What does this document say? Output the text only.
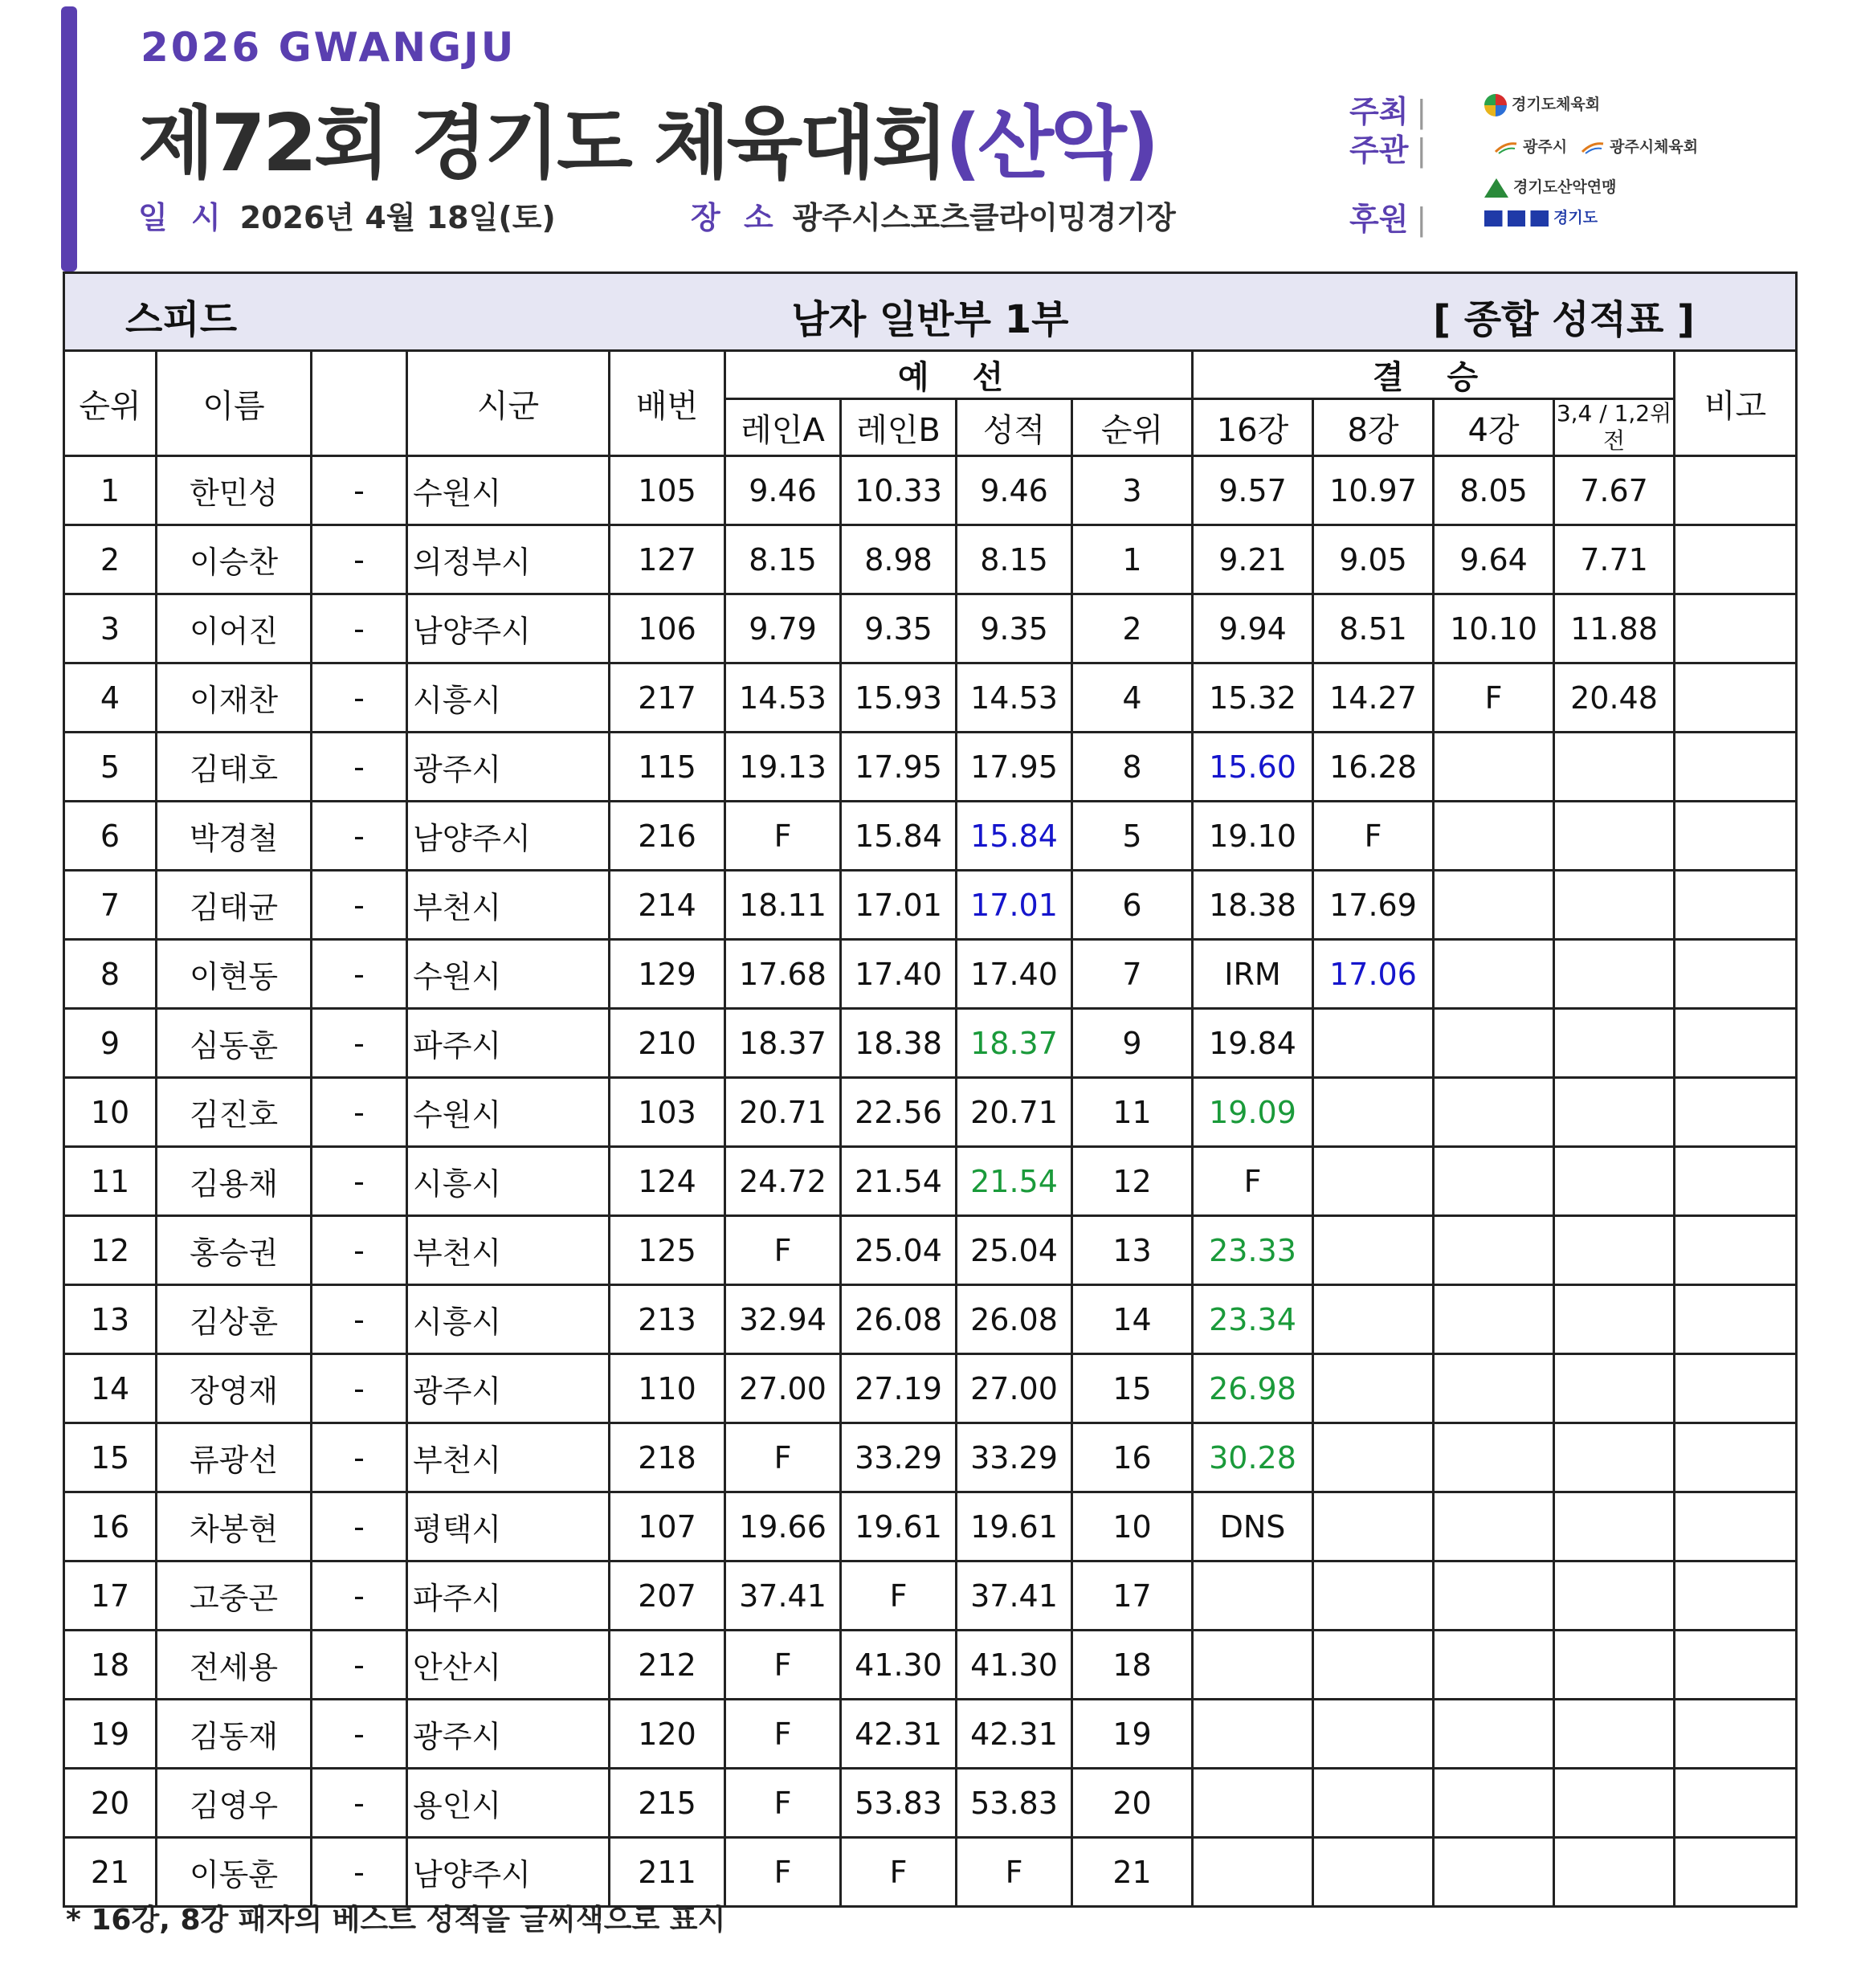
2026 GWANGJU
제72회 경기도 체육대회(산악)
일 시 2026년 4월 18일(토)	장 소 광주시스포츠클라이밍경기장
주최 |
주관 |
후원 |
경기도체육회
광주시	광주시체육회
경기도산악연맹
경기도
스피드 남자 일반부 1부 [ 종합 성적표 ]													

순위	이름		시군	배번	예 선				결 승				비고
					레인A	레인B	성적	순위	16강	8강	4강	3,4 / 1,2위전	
1	한민성	-	수원시	105	9.46	10.33	9.46	3	9.57	10.97	8.05	7.67	
2	이승찬	-	의정부시	127	8.15	8.98	8.15	1	9.21	9.05	9.64	7.71	
3	이어진	-	남양주시	106	9.79	9.35	9.35	2	9.94	8.51	10.10	11.88	
4	이재찬	-	시흥시	217	14.53	15.93	14.53	4	15.32	14.27	F	20.48	
5	김태호	-	광주시	115	19.13	17.95	17.95	8	15.60	16.28			
6	박경철	-	남양주시	216	F	15.84	15.84	5	19.10	F			
7	김태균	-	부천시	214	18.11	17.01	17.01	6	18.38	17.69			
8	이현동	-	수원시	129	17.68	17.40	17.40	7	IRM	17.06			
9	심동훈	-	파주시	210	18.37	18.38	18.37	9	19.84				
10	김진호	-	수원시	103	20.71	22.56	20.71	11	19.09				
11	김용채	-	시흥시	124	24.72	21.54	21.54	12	F				
12	홍승권	-	부천시	125	F	25.04	25.04	13	23.33				
13	김상훈	-	시흥시	213	32.94	26.08	26.08	14	23.34				
14	장영재	-	광주시	110	27.00	27.19	27.00	15	26.98				
15	류광선	-	부천시	218	F	33.29	33.29	16	30.28				
16	차봉현	-	평택시	107	19.66	19.61	19.61	10	DNS				
17	고중곤	-	파주시	207	37.41	F	37.41	17					
18	전세용	-	안산시	212	F	41.30	41.30	18					
19	김동재	-	광주시	120	F	42.31	42.31	19					
20	김영우	-	용인시	215	F	53.83	53.83	20					
21	이동훈	-	남양주시	211	F	F	F	21					
* 16강, 8강 패자의 베스트 성적을 글씨색으로 표시
